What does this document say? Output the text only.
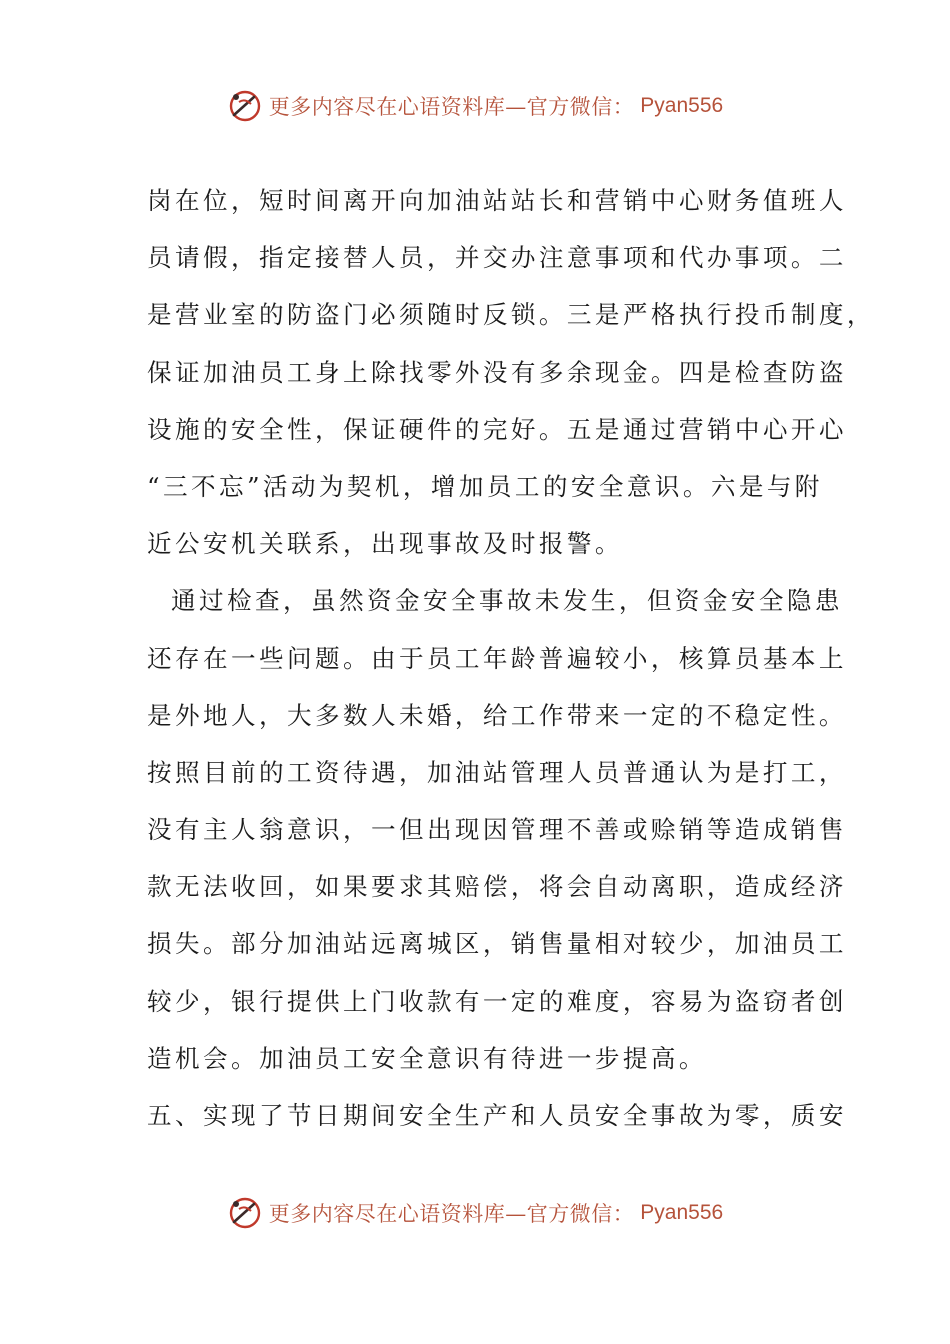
更多内容尽在心语资料库—官方微信： Pyan556
岗在位，短时间离开向加油站站长和营销中心财务值班人
员请假，指定接替人员，并交办注意事项和代办事项。二
是营业室的防盗门必须随时反锁。三是严格执行投币制度，
保证加油员工身上除找零外没有多余现金。四是检查防盗
设施的安全性，保证硬件的完好。五是通过营销中心开心
“三不忘”活动为契机，增加员工的安全意识。六是与附
近公安机关联系，出现事故及时报警。
通过检查，虽然资金安全事故未发生，但资金安全隐患
还存在一些问题。由于员工年龄普遍较小，核算员基本上
是外地人，大多数人未婚，给工作带来一定的不稳定性。
按照目前的工资待遇，加油站管理人员普通认为是打工，
没有主人翁意识，一但出现因管理不善或赊销等造成销售
款无法收回，如果要求其赔偿，将会自动离职，造成经济
损失。部分加油站远离城区，销售量相对较少，加油员工
较少，银行提供上门收款有一定的难度，容易为盗窃者创
造机会。加油员工安全意识有待进一步提高。
五、实现了节日期间安全生产和人员安全事故为零，质安
更多内容尽在心语资料库—官方微信： Pyan556
